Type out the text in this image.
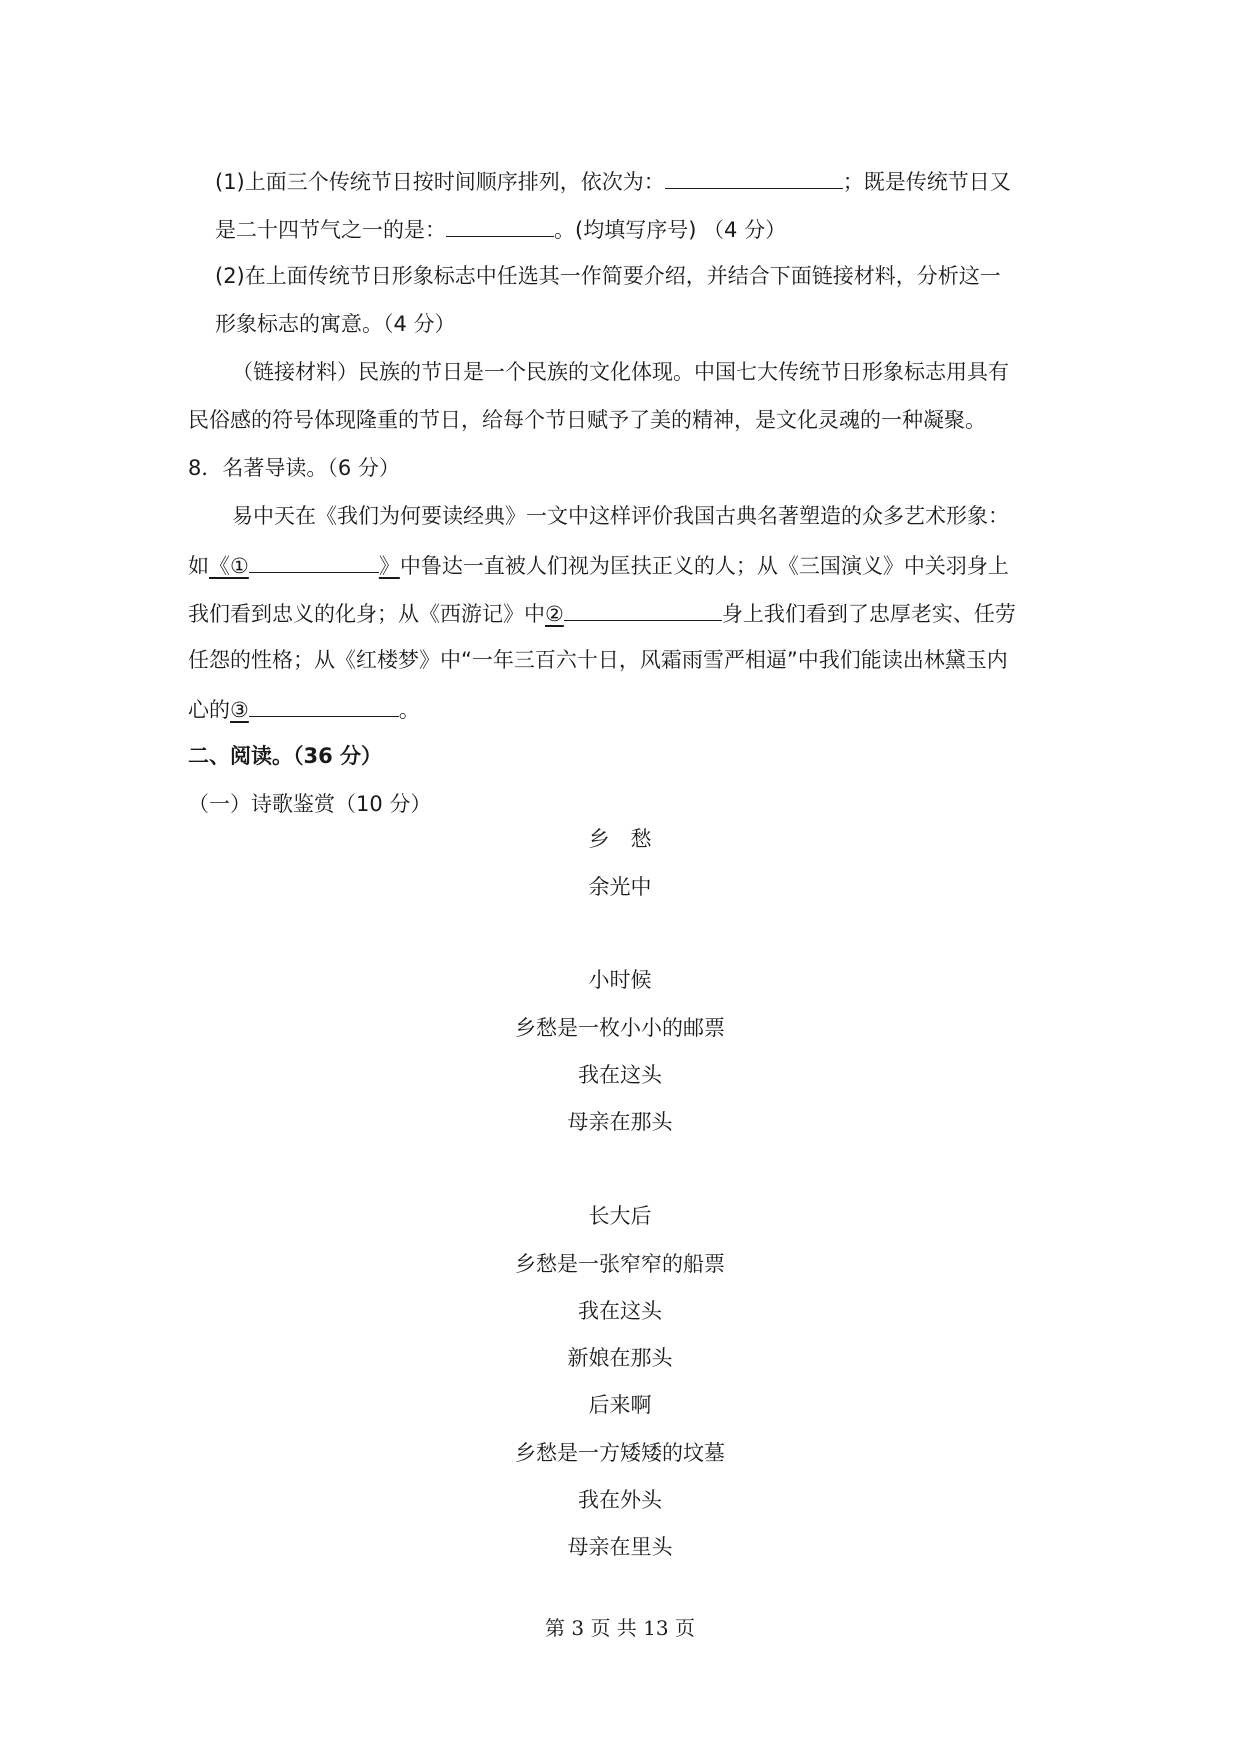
(1)上面三个传统节日按时间顺序排列，依次为：	；既是传统节日又
是二十四节气之一的是：	。(均填写序号) （4 分）
(2)在上面传统节日形象标志中任选其一作简要介绍，并结合下面链接材料，分析这一
形象标志的寓意。（4 分）
（链接材料）民族的节日是一个民族的文化体现。中国七大传统节日形象标志用具有
民俗感的符号体现隆重的节日，给每个节日赋予了美的精神，是文化灵魂的一种凝聚。
8．名著导读。（6 分）
易中天在《我们为何要读经典》一文中这样评价我国古典名著塑造的众多艺术形象：
如《①	》中鲁达一直被人们视为匡扶正义的人；从《三国演义》中关羽身上
我们看到忠义的化身；从《西游记》中②	身上我们看到了忠厚老实、任劳
任怨的性格；从《红楼梦》中“一年三百六十日，风霜雨雪严相逼”中我们能读出林黛玉内
心的③	。
二、阅读。（36 分）
（一）诗歌鉴赏（10 分）
乡　愁
余光中
小时候
乡愁是一枚小小的邮票
我在这头
母亲在那头
长大后
乡愁是一张窄窄的船票
我在这头
新娘在那头
后来啊
乡愁是一方矮矮的坟墓
我在外头
母亲在里头
第 3 页 共 13 页
